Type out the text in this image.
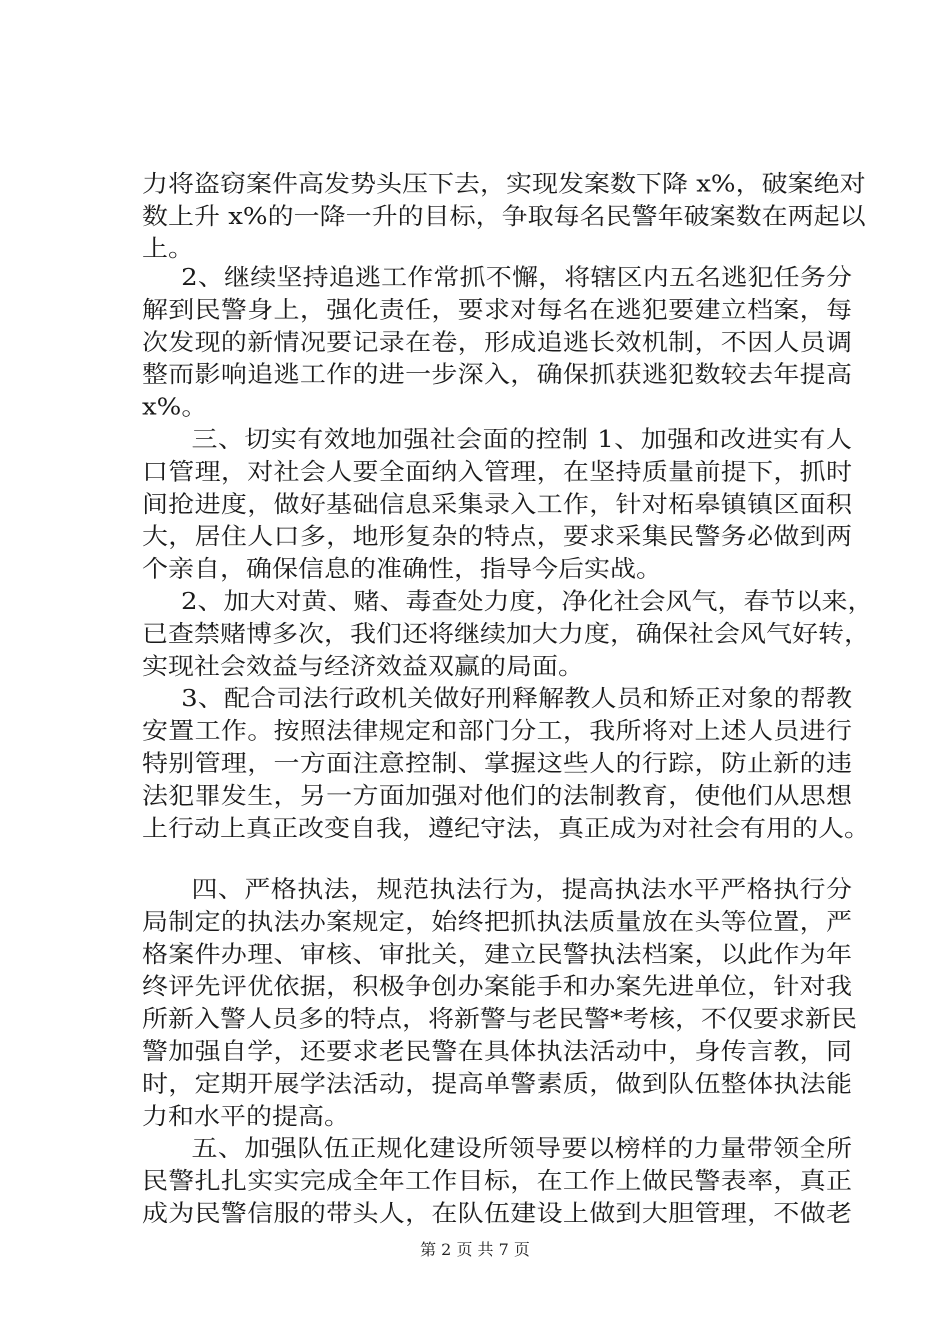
力将盗窃案件高发势头压下去，实现发案数下降 x%，破案绝对
数上升 x%的一降一升的目标，争取每名民警年破案数在两起以
上。
　2、继续坚持追逃工作常抓不懈，将辖区内五名逃犯任务分
解到民警身上，强化责任，要求对每名在逃犯要建立档案，每
次发现的新情况要记录在卷，形成追逃长效机制，不因人员调
整而影响追逃工作的进一步深入，确保抓获逃犯数较去年提高
x%。
　三、切实有效地加强社会面的控制 1、加强和改进实有人
口管理，对社会人要全面纳入管理，在坚持质量前提下，抓时
间抢进度，做好基础信息采集录入工作，针对柘皋镇镇区面积
大，居住人口多，地形复杂的特点，要求采集民警务必做到两
个亲自，确保信息的准确性，指导今后实战。
　2、加大对黄、赌、毒查处力度，净化社会风气，春节以来，
已查禁赌博多次，我们还将继续加大力度，确保社会风气好转，
实现社会效益与经济效益双赢的局面。
　3、配合司法行政机关做好刑释解教人员和矫正对象的帮教
安置工作。按照法律规定和部门分工，我所将对上述人员进行
特别管理，一方面注意控制、掌握这些人的行踪，防止新的违
法犯罪发生，另一方面加强对他们的法制教育，使他们从思想
上行动上真正改变自我，遵纪守法，真正成为对社会有用的人。
　四、严格执法，规范执法行为，提高执法水平严格执行分
局制定的执法办案规定，始终把抓执法质量放在头等位置，严
格案件办理、审核、审批关，建立民警执法档案，以此作为年
终评先评优依据，积极争创办案能手和办案先进单位，针对我
所新入警人员多的特点，将新警与老民警*考核，不仅要求新民
警加强自学，还要求老民警在具体执法活动中，身传言教，同
时，定期开展学法活动，提高单警素质，做到队伍整体执法能
力和水平的提高。
　五、加强队伍正规化建设所领导要以榜样的力量带领全所
民警扎扎实实完成全年工作目标，在工作上做民警表率，真正
成为民警信服的带头人，在队伍建设上做到大胆管理，不做老
第 2 页 共 7 页
